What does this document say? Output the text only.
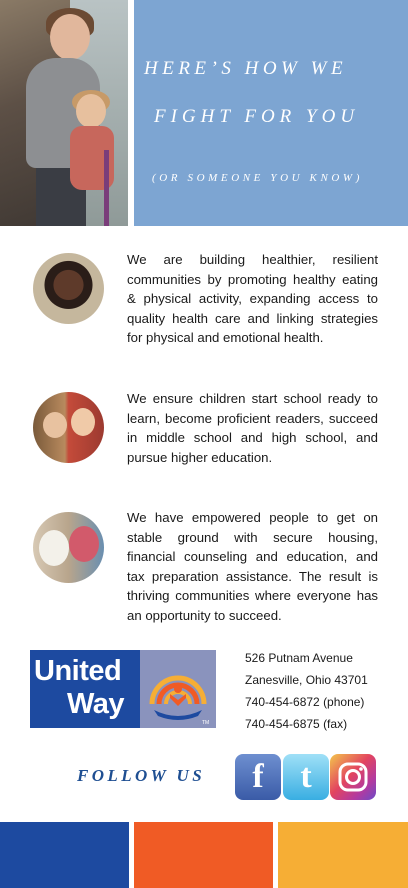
HERE’S HOW WE
FIGHT FOR YOU
(OR SOMEONE YOU KNOW)
We are building healthier, resilient communities by promoting healthy eating & physical activity, expanding access to quality health care and linking strategies for physical and emotional health.
We ensure children start school ready to learn, become proficient readers, succeed in middle school and high school, and pursue higher education.
We have empowered people to get on stable ground with secure housing, financial counseling and education, and tax preparation assistance. The result is thriving communities where everyone has an opportunity to succeed.
United
Way
TM
526 Putnam Avenue
Zanesville, Ohio 43701
740-454-6872 (phone)
740-454-6875 (fax)
FOLLOW US	f	t
